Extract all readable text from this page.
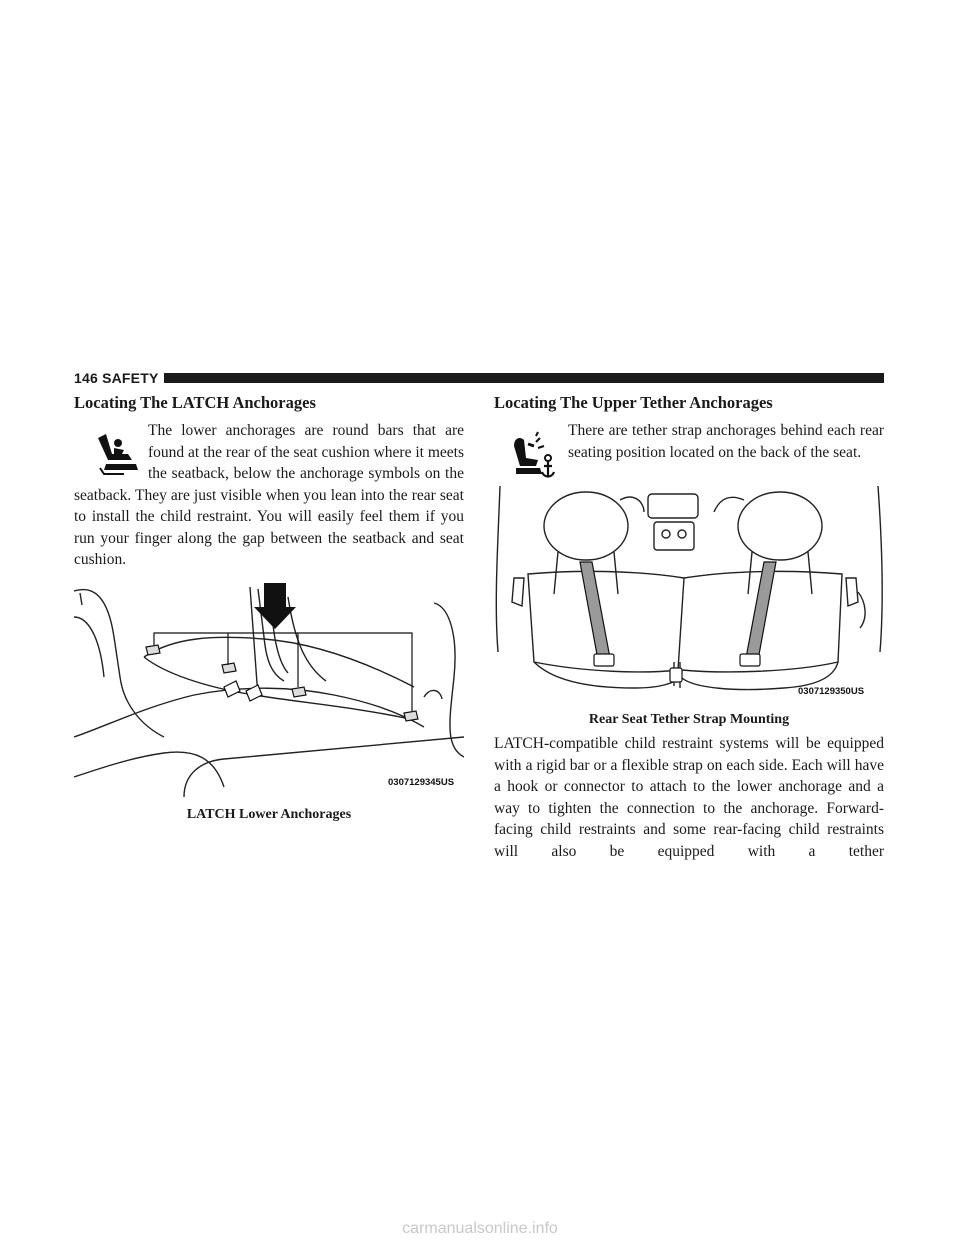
146 SAFETY
Locating The LATCH Anchorages

The lower anchorages are round bars that are found at the rear of the seat cushion where it meets the seatback, below the anchorage symbols on the seatback. They are just visible when you lean into the rear seat to install the child restraint. You will easily feel them if you run your finger along the gap between the seatback and seat cushion.

0307129345US
LATCH Lower Anchorages
Locating The Upper Tether Anchorages

There are tether strap anchorages behind each rear seating position located on the back of the seat.

0307129350US
Rear Seat Tether Strap Mounting

LATCH-compatible child restraint systems will be equipped with a rigid bar or a flexible strap on each side. Each will have a hook or connector to attach to the lower anchorage and a way to tighten the connection to the anchorage. Forward-facing child restraints and some rear-facing child restraints will also be equipped with a tether

carmanualsonline.info
